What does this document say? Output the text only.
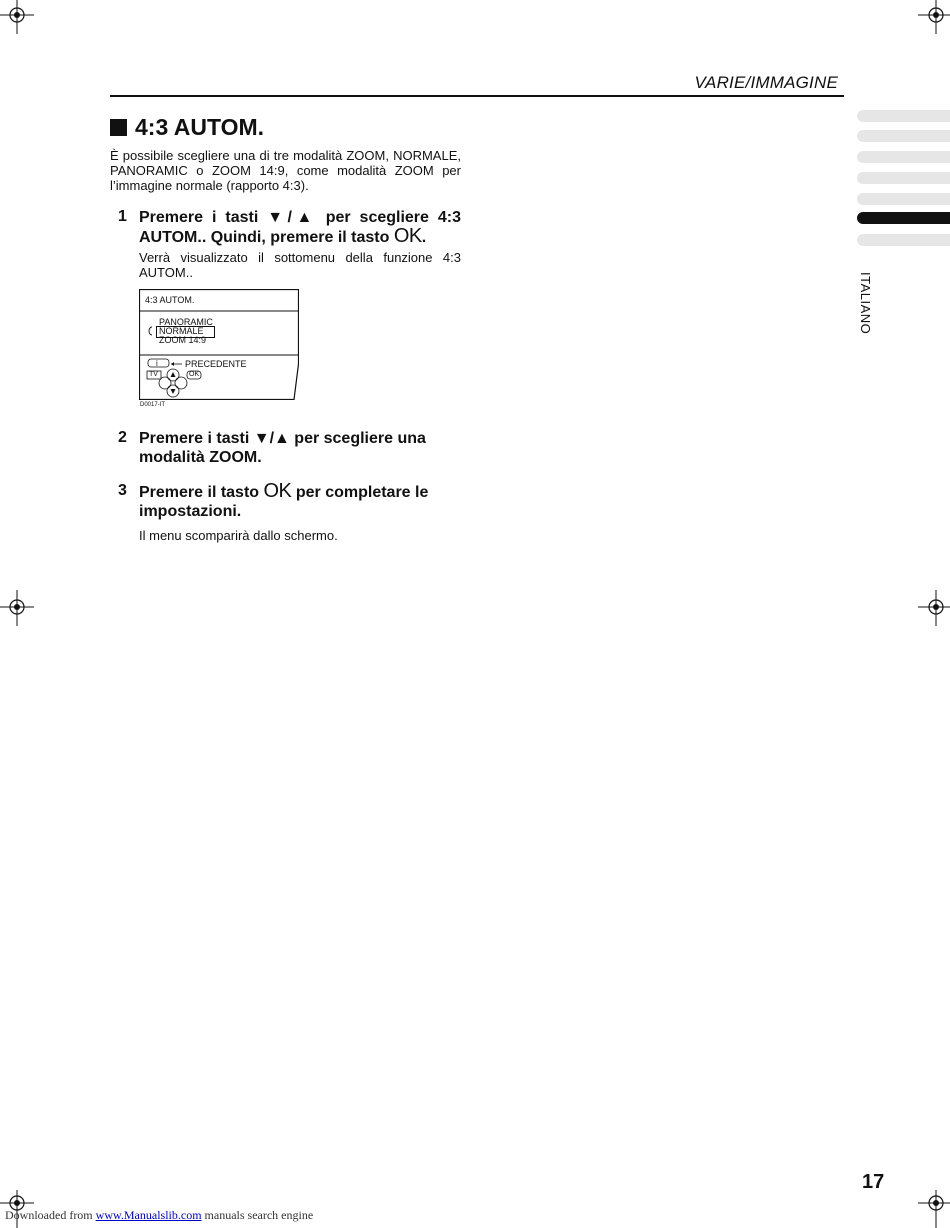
VARIE/IMMAGINE
ITALIANO
4:3 AUTOM.
È possibile scegliere una di tre modalità ZOOM, NORMALE, PANORAMIC o ZOOM 14:9, come modalità ZOOM per l’immagine normale (rapporto 4:3).
1 Premere i tasti ▼/▲ per scegliere 4:3 AUTOM.. Quindi, premere il tasto OK.
Verrà visualizzato il sottomenu della funzione 4:3 AUTOM..
4:3 AUTOM.
PANORAMIC
NORMALE
ZOOM 14:9
i	PRECEDENTE
TV	OK
D0017-IT
2 Premere i tasti ▼/▲ per scegliere una modalità ZOOM.
3 Premere il tasto OK per completare le impostazioni.
Il menu scomparirà dallo schermo.
17
Downloaded from www.Manualslib.com manuals search engine
